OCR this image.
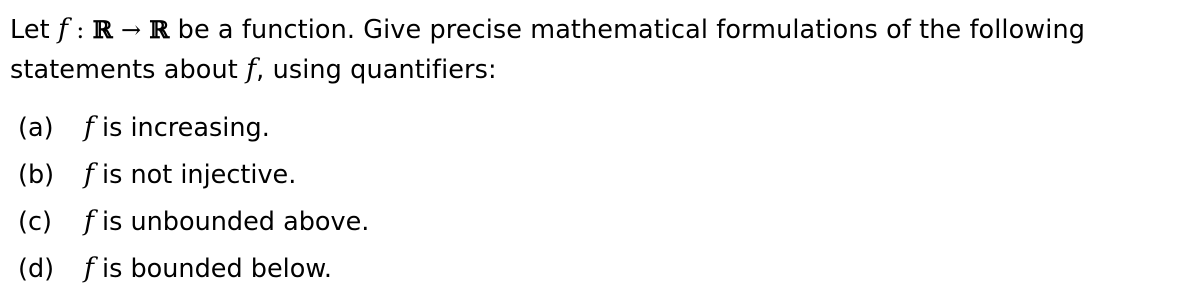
Let f : ℝ → ℝ be a function. Give precise mathematical formulations of the following
statements about f, using quantifiers:
(a) f is increasing.
(b) f is not injective.
(c) f is unbounded above.
(d) f is bounded below.
